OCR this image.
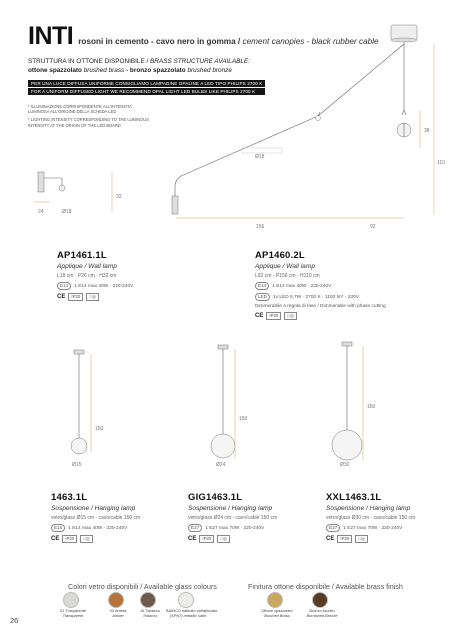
INTI rosoni in cemento - cavo nero in gomma / cement canopies - black rubber cable
STRUTTURA IN OTTONE DISPONIBILE / BRASS STRUCTURE AVAILABLE:
ottone spazzolato brushed brass - bronzo spazzolato brushed bronze
PER UNA LUCE DIFFUSA UNIFORME CONSIGLIAMO LAMPADINE OPALINE A LED TIPO PHILIPS 2700 K
FOR A UNIFORM DIFFUSED LIGHT WE RECOMMEND OPAL LIGHT LED BULBS LIKE PHILIPS 2700 K
* ILLUMINAZIONE CORRISPONDENTE ALL'INTENSITA
LUMINOSA ALL'ORIGINE DELLA SCHEDA LED
* LIGHTING INTENSITY CORRESPONDING TO THE LUMINOUS
INTENSITY AT THE ORIGIN OF THE LED BOARD
24	Ø18
32
156	92
Ø18
38
110
AP1461.1L
Applique / Wall lamp
L18 cm · P26 cm · H32 cm
E14	1 E14 max 40W · 220-240V
CE	IP20	□◎
AP1460.2L
Applique / Wall lamp
L92 cm · P156 cm · H110 cm
E14	1 E14 max 40W · 220-240V
LED	1x LED 8,7W · 2700 K · 1100 lm* · 230V
Dimmerabile a regola di fase / Dimmerable with phase cutting
CE	IP20	□◎
150
Ø15
150
Ø24
150
Ø30
1463.1L
Sospensione / Hanging lamp
vetro/glass Ø15 cm - cavo/cable 150 cm
E14	1 E14 max 40W · 220-240V
CE	IP20	□◎
GIG1463.1L
Sospensione / Hanging lamp
vetro/glass Ø24 cm - cavo/cable 150 cm
E27	1 E27 max 70W · 220-240V
CE	IP20	□◎
XXL1463.1L
Sospensione / Hanging lamp
vetro/glass Ø30 cm - cavo/cable 150 cm
E27	1 E27 max 70W · 220-240V
CE	IP20	□◎
Colori vetro disponibili / Available glass colours	Finitura ottone disponibile / Available brass finish
01 Trasparente
Transparent
03 Ambra
Amber
16 Tabacco
Tobacco
BIANCO satinato metallizzato
(SPN7) metallic satin
Ottone spazzolato
Brushed Brass
Bronzo brunito
Burnished Bronze
26
